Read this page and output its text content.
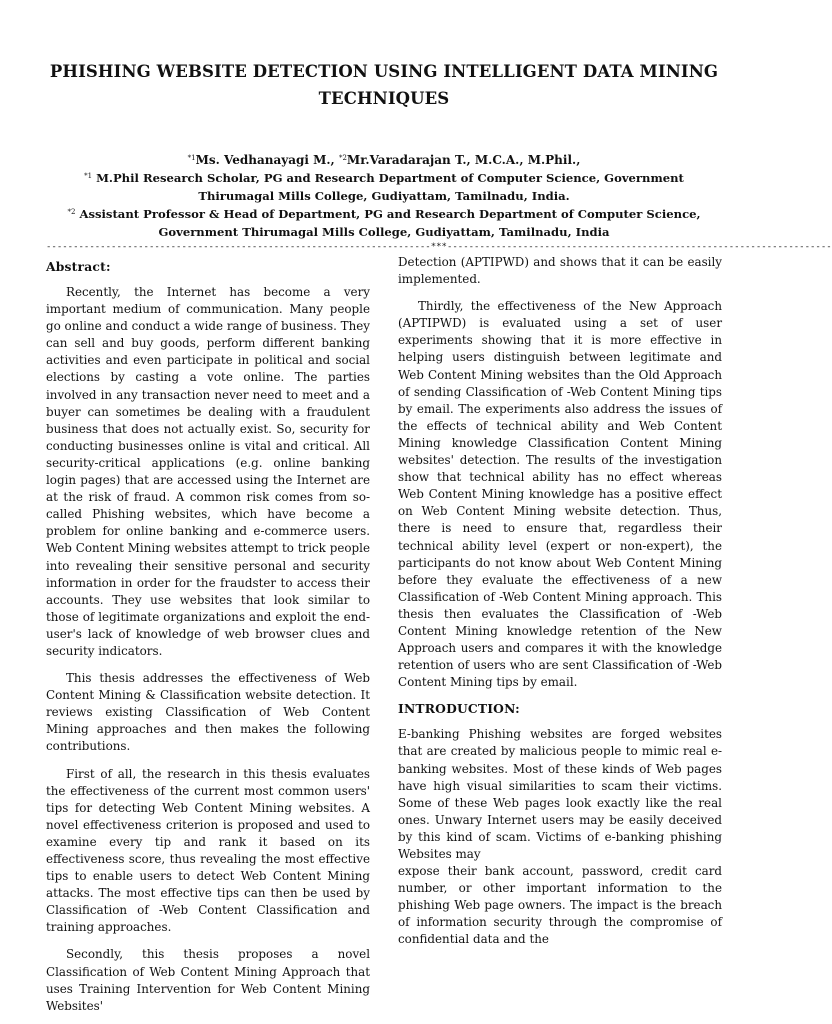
PHISHING WEBSITE DETECTION USING INTELLIGENT DATA MINING
TECHNIQUES
$^{*1}$Ms. Vedhanayagi M., $^{*2}$Mr.Varadarajan T., M.C.A., M.Phil.,
$^{*1}$ M.Phil Research Scholar, PG and Research Department of Computer Science, Government Thirumagal Mills College, Gudiyattam, Tamilnadu, India.
$^{*2}$ Assistant Professor & Head of Department, PG and Research Department of Computer Science, Government Thirumagal Mills College, Gudiyattam, Tamilnadu, India
-----------------------------------------------------------------------***-----------------------------------------------------------------------
Abstract:

Recently, the Internet has become a very important medium of communication. Many people go online and conduct a wide range of business. They can sell and buy goods, perform different banking activities and even participate in political and social elections by casting a vote online. The parties involved in any transaction never need to meet and a buyer can sometimes be dealing with a fraudulent business that does not actually exist. So, security for conducting businesses online is vital and critical. All security-critical applications (e.g. online banking login pages) that are accessed using the Internet are at the risk of fraud. A common risk comes from so-called Phishing websites, which have become a problem for online banking and e-commerce users. Web Content Mining websites attempt to trick people into revealing their sensitive personal and security information in order for the fraudster to access their accounts. They use websites that look similar to those of legitimate organizations and exploit the end-user's lack of knowledge of web browser clues and security indicators.

This thesis addresses the effectiveness of Web Content Mining & Classification website detection. It reviews existing Classification of Web Content Mining approaches and then makes the following contributions.

First of all, the research in this thesis evaluates the effectiveness of the current most common users' tips for detecting Web Content Mining websites. A novel effectiveness criterion is proposed and used to examine every tip and rank it based on its effectiveness score, thus revealing the most effective tips to enable users to detect Web Content Mining attacks. The most effective tips can then be used by Classification of -Web Content Classification and training approaches.

Secondly, this thesis proposes a novel Classification of Web Content Mining Approach that uses Training Intervention for Web Content Mining Websites'

Detection (APTIPWD) and shows that it can be easily implemented.

Thirdly, the effectiveness of the New Approach (APTIPWD) is evaluated using a set of user experiments showing that it is more effective in helping users distinguish between legitimate and Web Content Mining websites than the Old Approach of sending Classification of -Web Content Mining tips by email. The experiments also address the issues of the effects of technical ability and Web Content Mining knowledge Classification Content Mining websites' detection. The results of the investigation show that technical ability has no effect whereas Web Content Mining knowledge has a positive effect on Web Content Mining website detection. Thus, there is need to ensure that, regardless their technical ability level (expert or non-expert), the participants do not know about Web Content Mining before they evaluate the effectiveness of a new Classification of -Web Content Mining approach. This thesis then evaluates the Classification of -Web Content Mining knowledge retention of the New Approach users and compares it with the knowledge retention of users who are sent Classification of -Web Content Mining tips by email.

INTRODUCTION:

E-banking Phishing websites are forged websites that are created by malicious people to mimic real e-banking websites. Most of these kinds of Web pages have high visual similarities to scam their victims. Some of these Web pages look exactly like the real ones. Unwary Internet users may be easily deceived by this kind of scam. Victims of e-banking phishing Websites may

expose their bank account, password, credit card number, or other important information to the phishing Web page owners. The impact is the breach of information security through the compromise of confidential data and the
